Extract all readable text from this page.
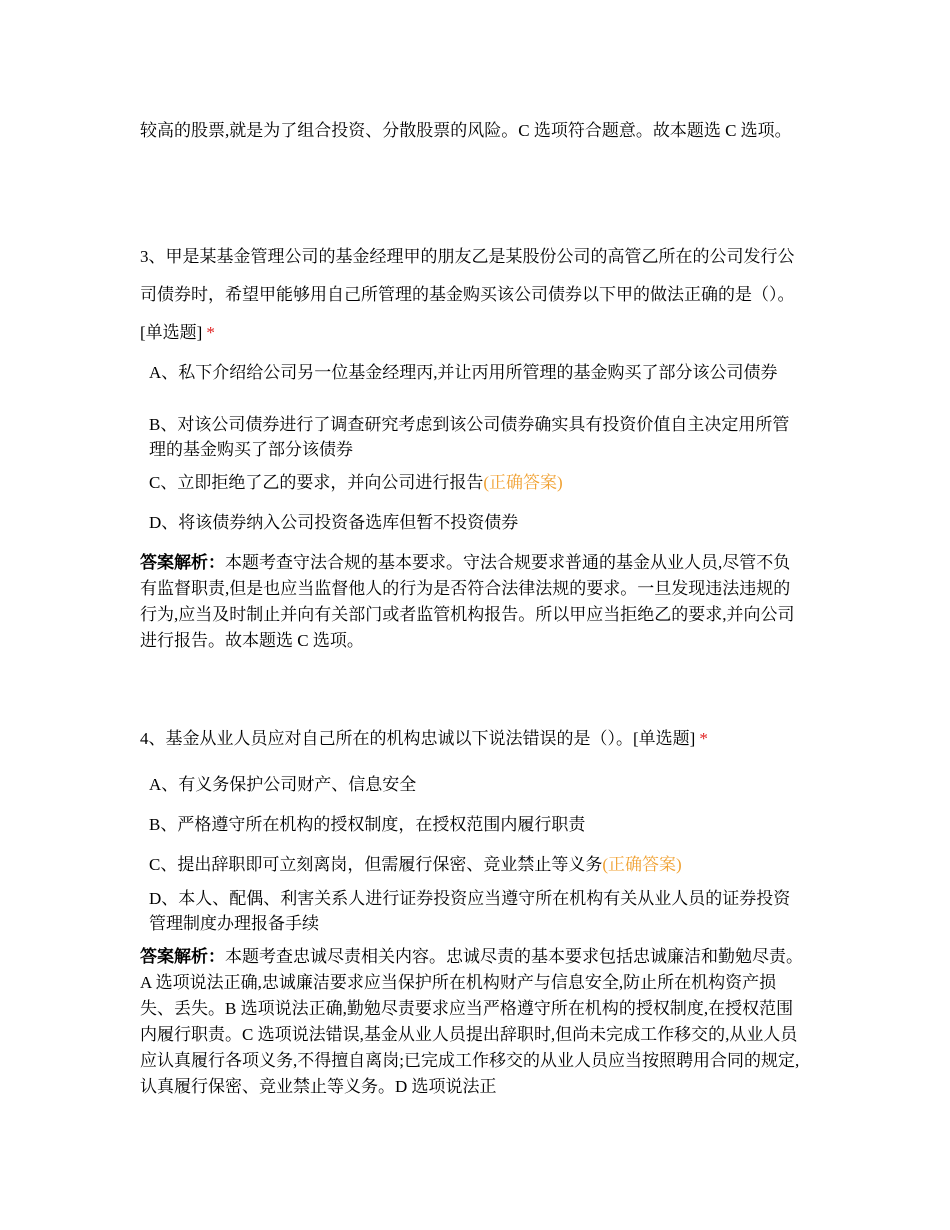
较高的股票,就是为了组合投资、分散股票的风险。C 选项符合题意。故本题选 C 选项。

3、甲是某基金管理公司的基金经理甲的朋友乙是某股份公司的高管乙所在的公司发行公司债券时，希望甲能够用自己所管理的基金购买该公司债券以下甲的做法正确的是（）。[单选题] *

A、私下介绍给公司另一位基金经理丙,并让丙用所管理的基金购买了部分该公司债券
B、对该公司债券进行了调查研究考虑到该公司债券确实具有投资价值自主决定用所管理的基金购买了部分该债券
C、立即拒绝了乙的要求，并向公司进行报告(正确答案)
D、将该债券纳入公司投资备选库但暂不投资债券

答案解析：本题考查守法合规的基本要求。守法合规要求普通的基金从业人员,尽管不负有监督职责,但是也应当监督他人的行为是否符合法律法规的要求。一旦发现违法违规的行为,应当及时制止并向有关部门或者监管机构报告。所以甲应当拒绝乙的要求,并向公司进行报告。故本题选 C 选项。

4、基金从业人员应对自己所在的机构忠诚以下说法错误的是（）。[单选题] *

A、有义务保护公司财产、信息安全
B、严格遵守所在机构的授权制度，在授权范围内履行职责
C、提出辞职即可立刻离岗，但需履行保密、竞业禁止等义务(正确答案)
D、本人、配偶、利害关系人进行证券投资应当遵守所在机构有关从业人员的证券投资管理制度办理报备手续

答案解析：本题考查忠诚尽责相关内容。忠诚尽责的基本要求包括忠诚廉洁和勤勉尽责。A 选项说法正确,忠诚廉洁要求应当保护所在机构财产与信息安全,防止所在机构资产损失、丢失。B 选项说法正确,勤勉尽责要求应当严格遵守所在机构的授权制度,在授权范围内履行职责。C 选项说法错误,基金从业人员提出辞职时,但尚未完成工作移交的,从业人员应认真履行各项义务,不得擅自离岗;已完成工作移交的从业人员应当按照聘用合同的规定,认真履行保密、竞业禁止等义务。D 选项说法正
